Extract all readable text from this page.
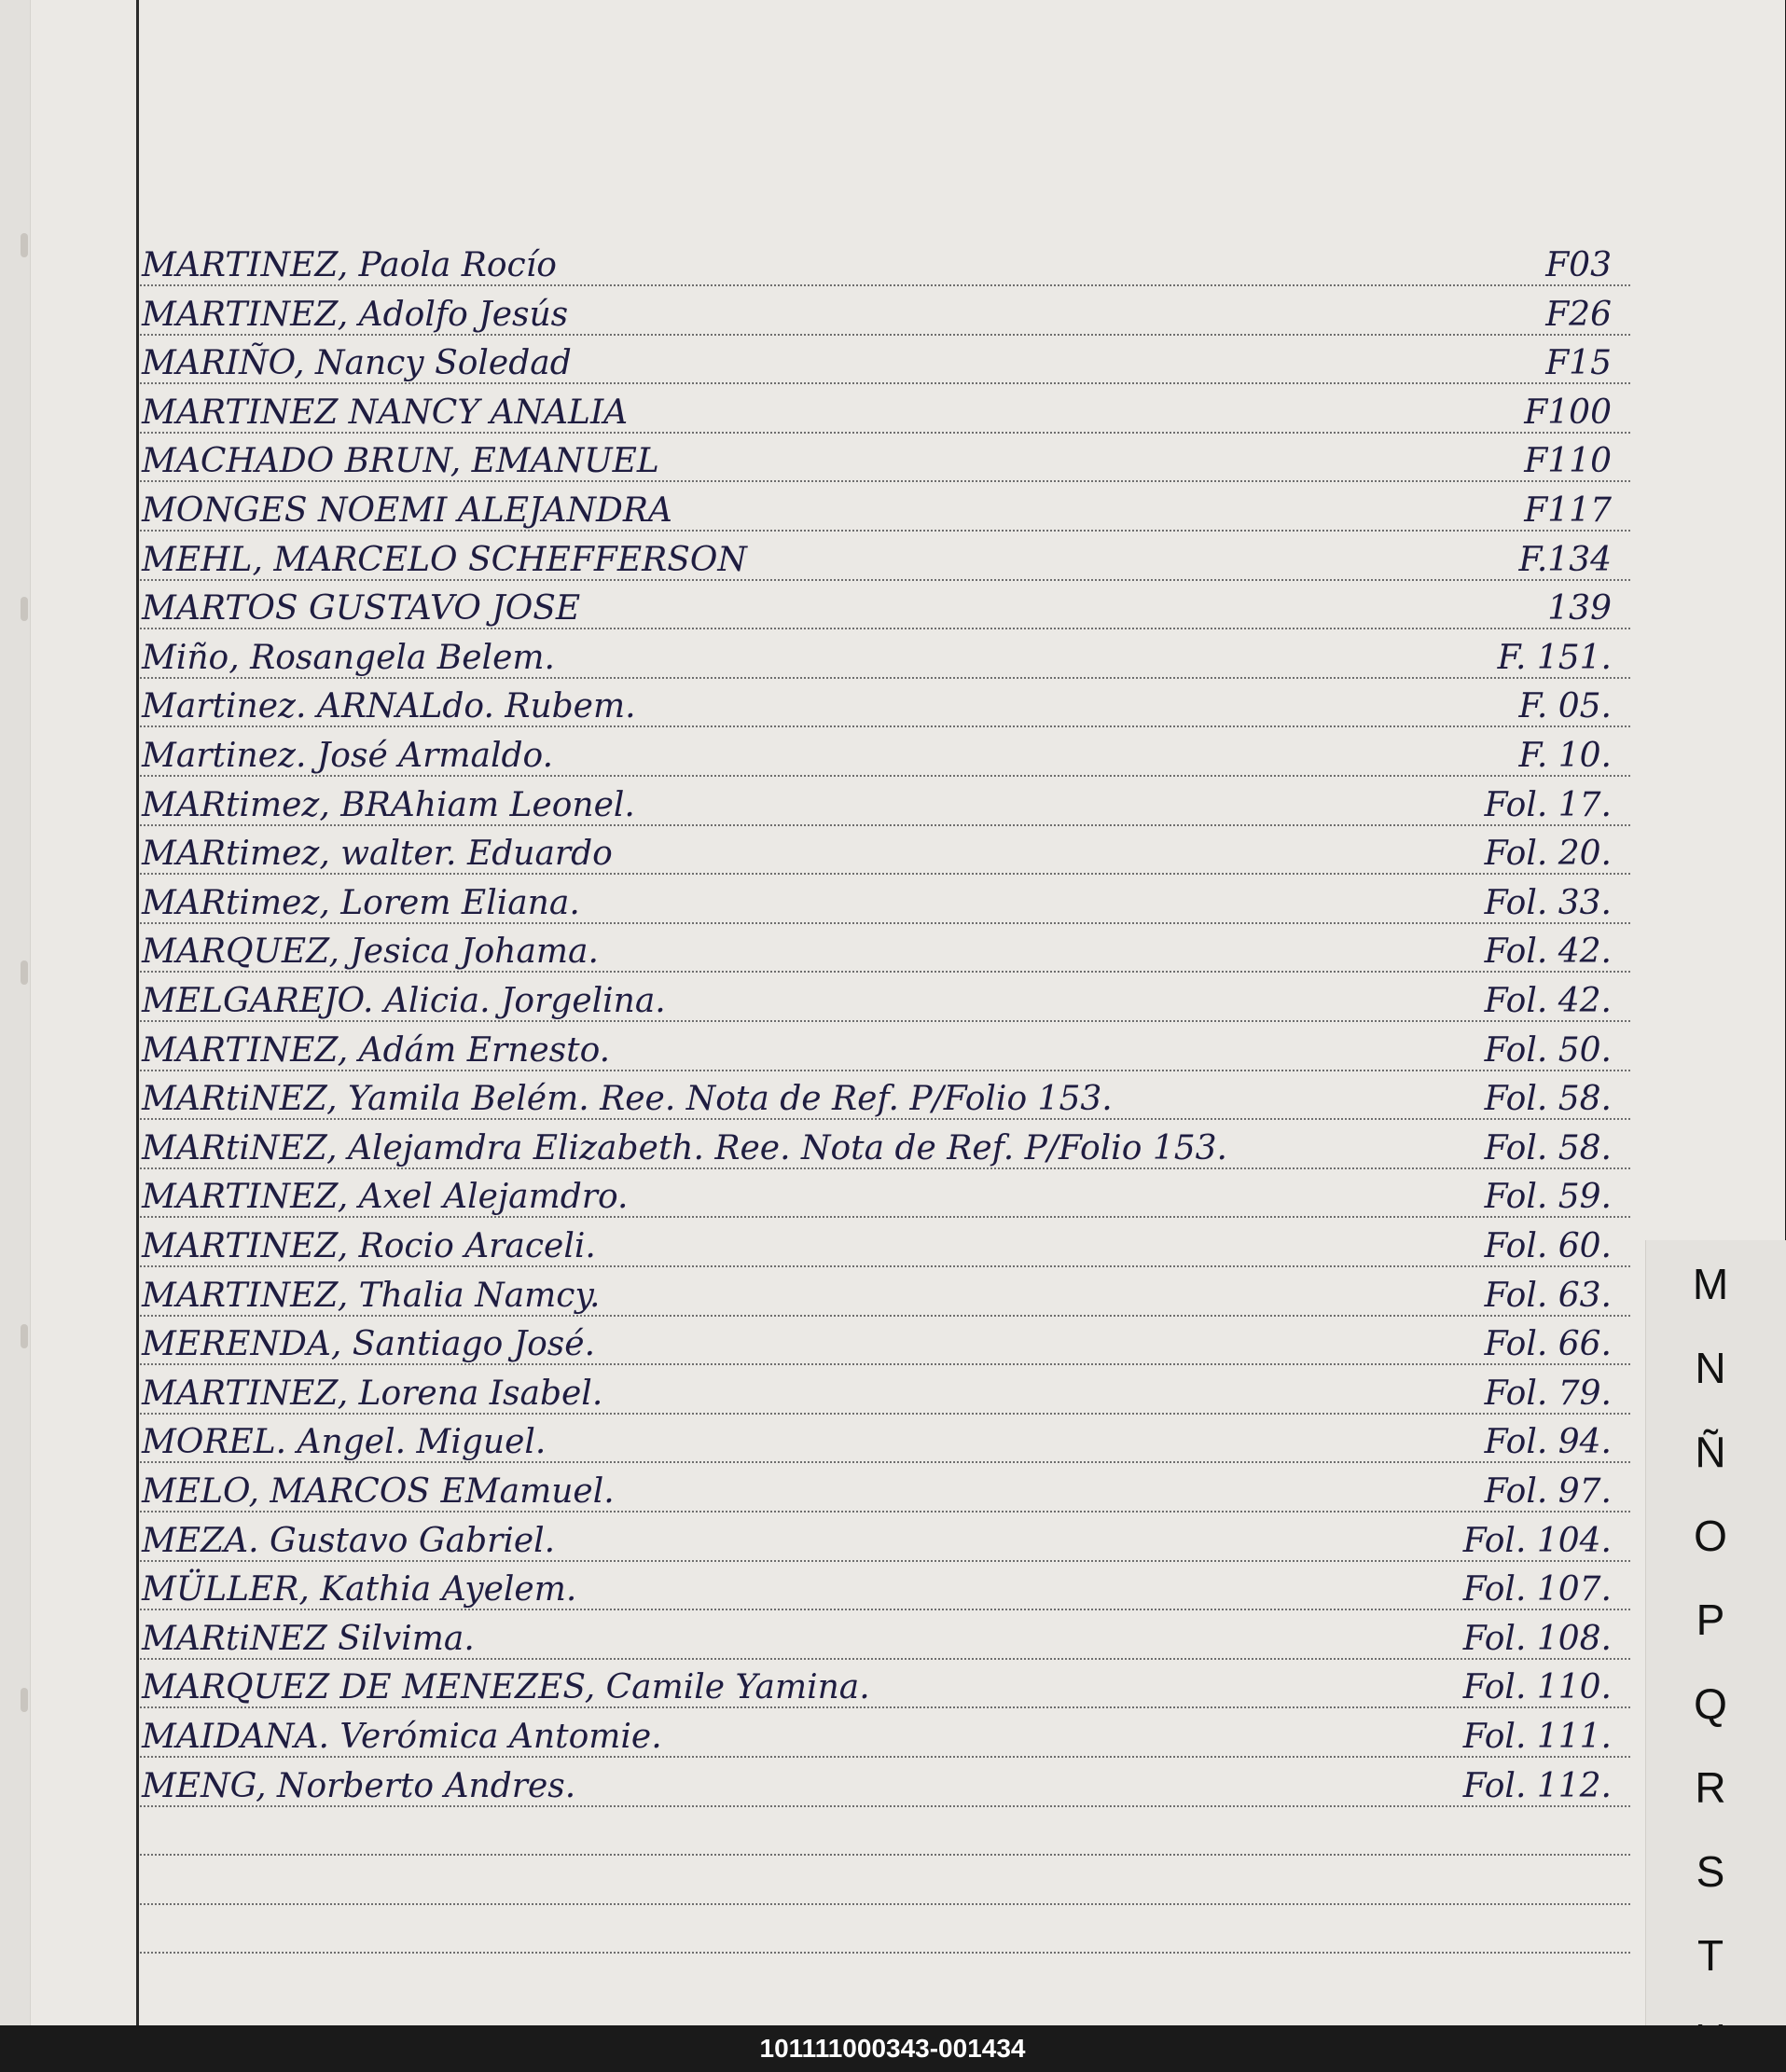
MARTINEZ, Paola Rocío	F03
MARTINEZ, Adolfo Jesús	F26
MARIÑO, Nancy Soledad	F15
MARTINEZ NANCY ANALIA	F100
MACHADO BRUN, EMANUEL	F110
MONGES NOEMI ALEJANDRA	F117
MEHL, MARCELO SCHEFFERSON	F.134
MARTOS GUSTAVO JOSE	139
Miño, Rosangela Belem.	F. 151.
Martinez. ARNALdo. Rubem.	F. 05.
Martinez. José Armaldo.	F. 10.
MARtimez, BRAhiam Leonel.	Fol. 17.
MARtimez, walter. Eduardo	Fol. 20.
MARtimez, Lorem Eliana.	Fol. 33.
MARQUEZ, Jesica Johama.	Fol. 42.
MELGAREJO. Alicia. Jorgelina.	Fol. 42.
MARTINEZ, Adám Ernesto.	Fol. 50.
MARtiNEZ, Yamila Belém. Ree. Nota de Ref. P/Folio 153.	Fol. 58.
MARtiNEZ, Alejamdra Elizabeth. Ree. Nota de Ref. P/Folio 153.	Fol. 58.
MARTINEZ, Axel Alejamdro.	Fol. 59.
MARTINEZ, Rocio Araceli.	Fol. 60.
MARTINEZ, Thalia Namcy.	Fol. 63.
MERENDA, Santiago José.	Fol. 66.
MARTINEZ, Lorena Isabel.	Fol. 79.
MOREL. Angel. Miguel.	Fol. 94.
MELO, MARCOS EMamuel.	Fol. 97.
MEZA. Gustavo Gabriel.	Fol. 104.
MÜLLER, Kathia Ayelem.	Fol. 107.
MARtiNEZ Silvima.	Fol. 108.
MARQUEZ DE MENEZES, Camile Yamina.	Fol. 110.
MAIDANA. Verómica Antomie.	Fol. 111.
MENG, Norberto Andres.	Fol. 112.
M
N
Ñ
O
P
Q
R
S
T
101111000343-001434
